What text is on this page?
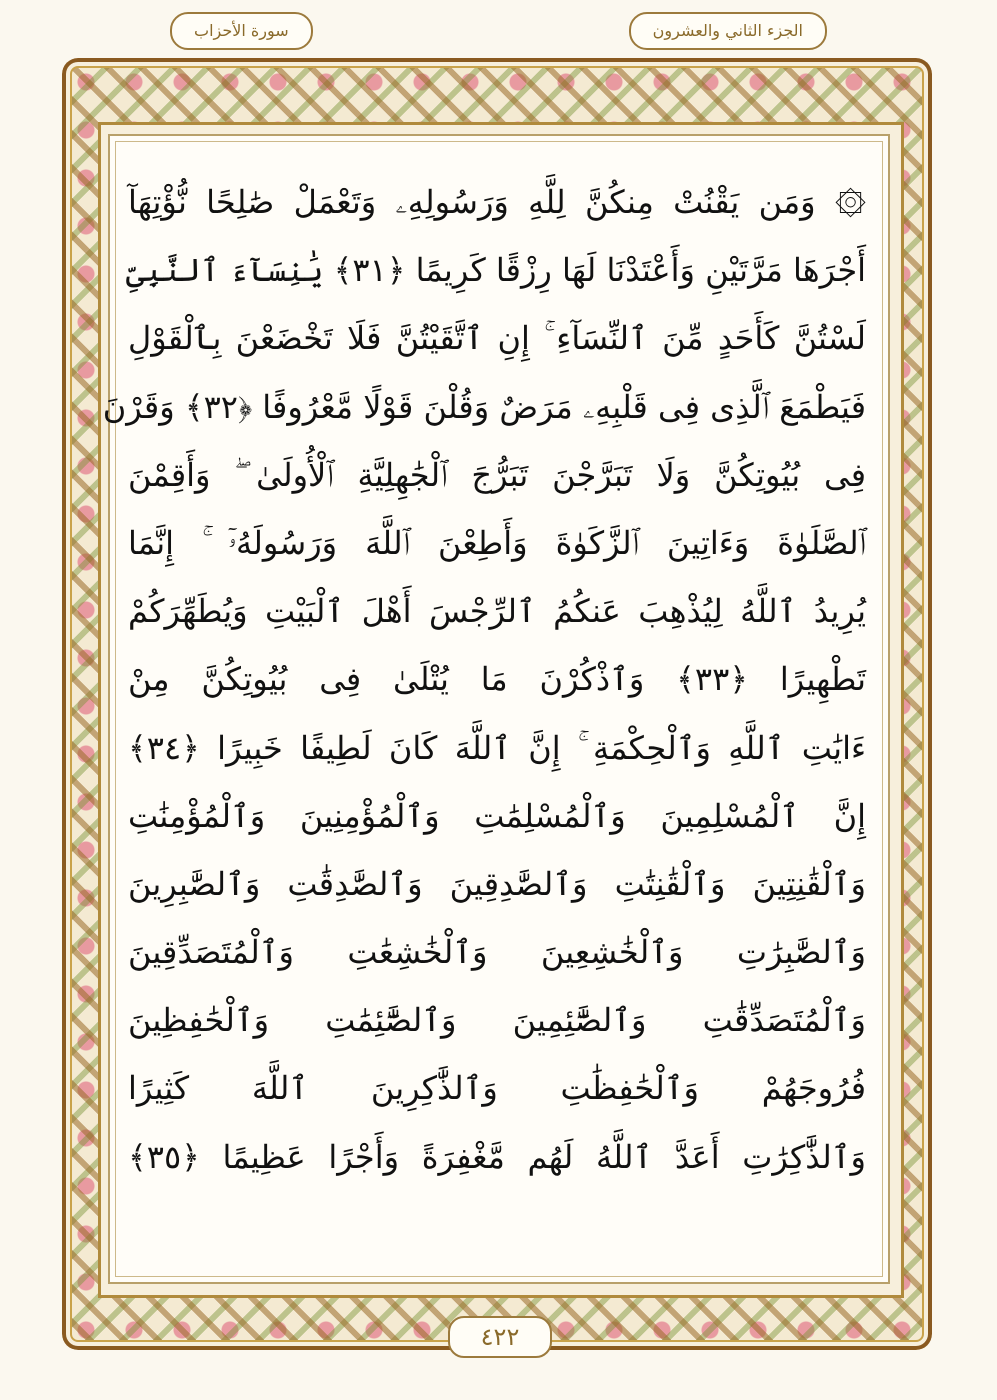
سورة الأحزاب	الجزء الثاني والعشرون
۞ وَمَن يَقْنُتْ مِنكُنَّ لِلَّهِ وَرَسُولِهِۦ وَتَعْمَلْ صَٰلِحًا نُّؤْتِهَآ
أَجْرَهَا مَرَّتَيْنِ وَأَعْتَدْنَا لَهَا رِزْقًا كَرِيمًا ﴿٣١﴾ يَٰنِسَآءَ ٱلنَّبِىِّ
لَسْتُنَّ كَأَحَدٍ مِّنَ ٱلنِّسَآءِ ۚ إِنِ ٱتَّقَيْتُنَّ فَلَا تَخْضَعْنَ بِٱلْقَوْلِ
فَيَطْمَعَ ٱلَّذِى فِى قَلْبِهِۦ مَرَضٌ وَقُلْنَ قَوْلًا مَّعْرُوفًا ﴿٣٢﴾ وَقَرْنَ
فِى بُيُوتِكُنَّ وَلَا تَبَرَّجْنَ تَبَرُّجَ ٱلْجَٰهِلِيَّةِ ٱلْأُولَىٰ ۖ وَأَقِمْنَ
ٱلصَّلَوٰةَ وَءَاتِينَ ٱلزَّكَوٰةَ وَأَطِعْنَ ٱللَّهَ وَرَسُولَهُۥٓ ۚ إِنَّمَا
يُرِيدُ ٱللَّهُ لِيُذْهِبَ عَنكُمُ ٱلرِّجْسَ أَهْلَ ٱلْبَيْتِ وَيُطَهِّرَكُمْ
تَطْهِيرًا ﴿٣٣﴾ وَٱذْكُرْنَ مَا يُتْلَىٰ فِى بُيُوتِكُنَّ مِنْ
ءَايَٰتِ ٱللَّهِ وَٱلْحِكْمَةِ ۚ إِنَّ ٱللَّهَ كَانَ لَطِيفًا خَبِيرًا ﴿٣٤﴾
إِنَّ ٱلْمُسْلِمِينَ وَٱلْمُسْلِمَٰتِ وَٱلْمُؤْمِنِينَ وَٱلْمُؤْمِنَٰتِ
وَٱلْقَٰنِتِينَ وَٱلْقَٰنِتَٰتِ وَٱلصَّٰدِقِينَ وَٱلصَّٰدِقَٰتِ وَٱلصَّٰبِرِينَ
وَٱلصَّٰبِرَٰتِ وَٱلْخَٰشِعِينَ وَٱلْخَٰشِعَٰتِ وَٱلْمُتَصَدِّقِينَ
وَٱلْمُتَصَدِّقَٰتِ وَٱلصَّٰٓئِمِينَ وَٱلصَّٰٓئِمَٰتِ وَٱلْحَٰفِظِينَ
فُرُوجَهُمْ وَٱلْحَٰفِظَٰتِ وَٱلذَّٰكِرِينَ ٱللَّهَ كَثِيرًا
وَٱلذَّٰكِرَٰتِ أَعَدَّ ٱللَّهُ لَهُم مَّغْفِرَةً وَأَجْرًا عَظِيمًا ﴿٣٥﴾
٤٢٢
